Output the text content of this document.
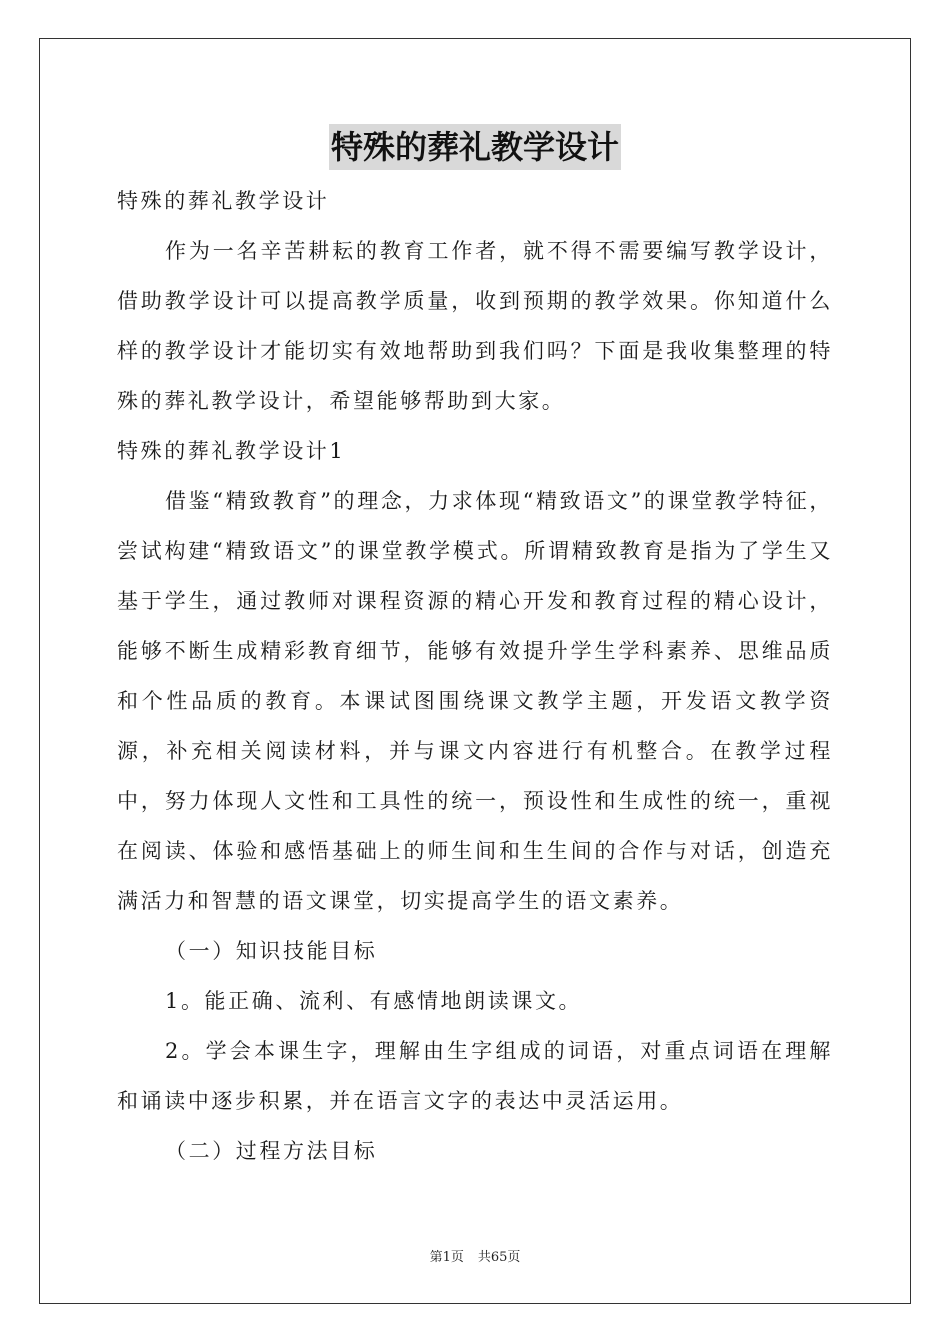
特殊的葬礼教学设计

特殊的葬礼教学设计

作为一名辛苦耕耘的教育工作者，就不得不需要编写教学设计，借助教学设计可以提高教学质量，收到预期的教学效果。你知道什么样的教学设计才能切实有效地帮助到我们吗？下面是我收集整理的特殊的葬礼教学设计，希望能够帮助到大家。

特殊的葬礼教学设计1

借鉴“精致教育”的理念，力求体现“精致语文”的课堂教学特征，尝试构建“精致语文”的课堂教学模式。所谓精致教育是指为了学生又基于学生，通过教师对课程资源的精心开发和教育过程的精心设计，能够不断生成精彩教育细节，能够有效提升学生学科素养、思维品质和个性品质的教育。本课试图围绕课文教学主题，开发语文教学资源，补充相关阅读材料，并与课文内容进行有机整合。在教学过程中，努力体现人文性和工具性的统一，预设性和生成性的统一，重视在阅读、体验和感悟基础上的师生间和生生间的合作与对话，创造充满活力和智慧的语文课堂，切实提高学生的语文素养。

（一）知识技能目标

1。能正确、流利、有感情地朗读课文。

2。学会本课生字，理解由生字组成的词语，对重点词语在理解和诵读中逐步积累，并在语言文字的表达中灵活运用。

（二）过程方法目标

第1页 共65页
